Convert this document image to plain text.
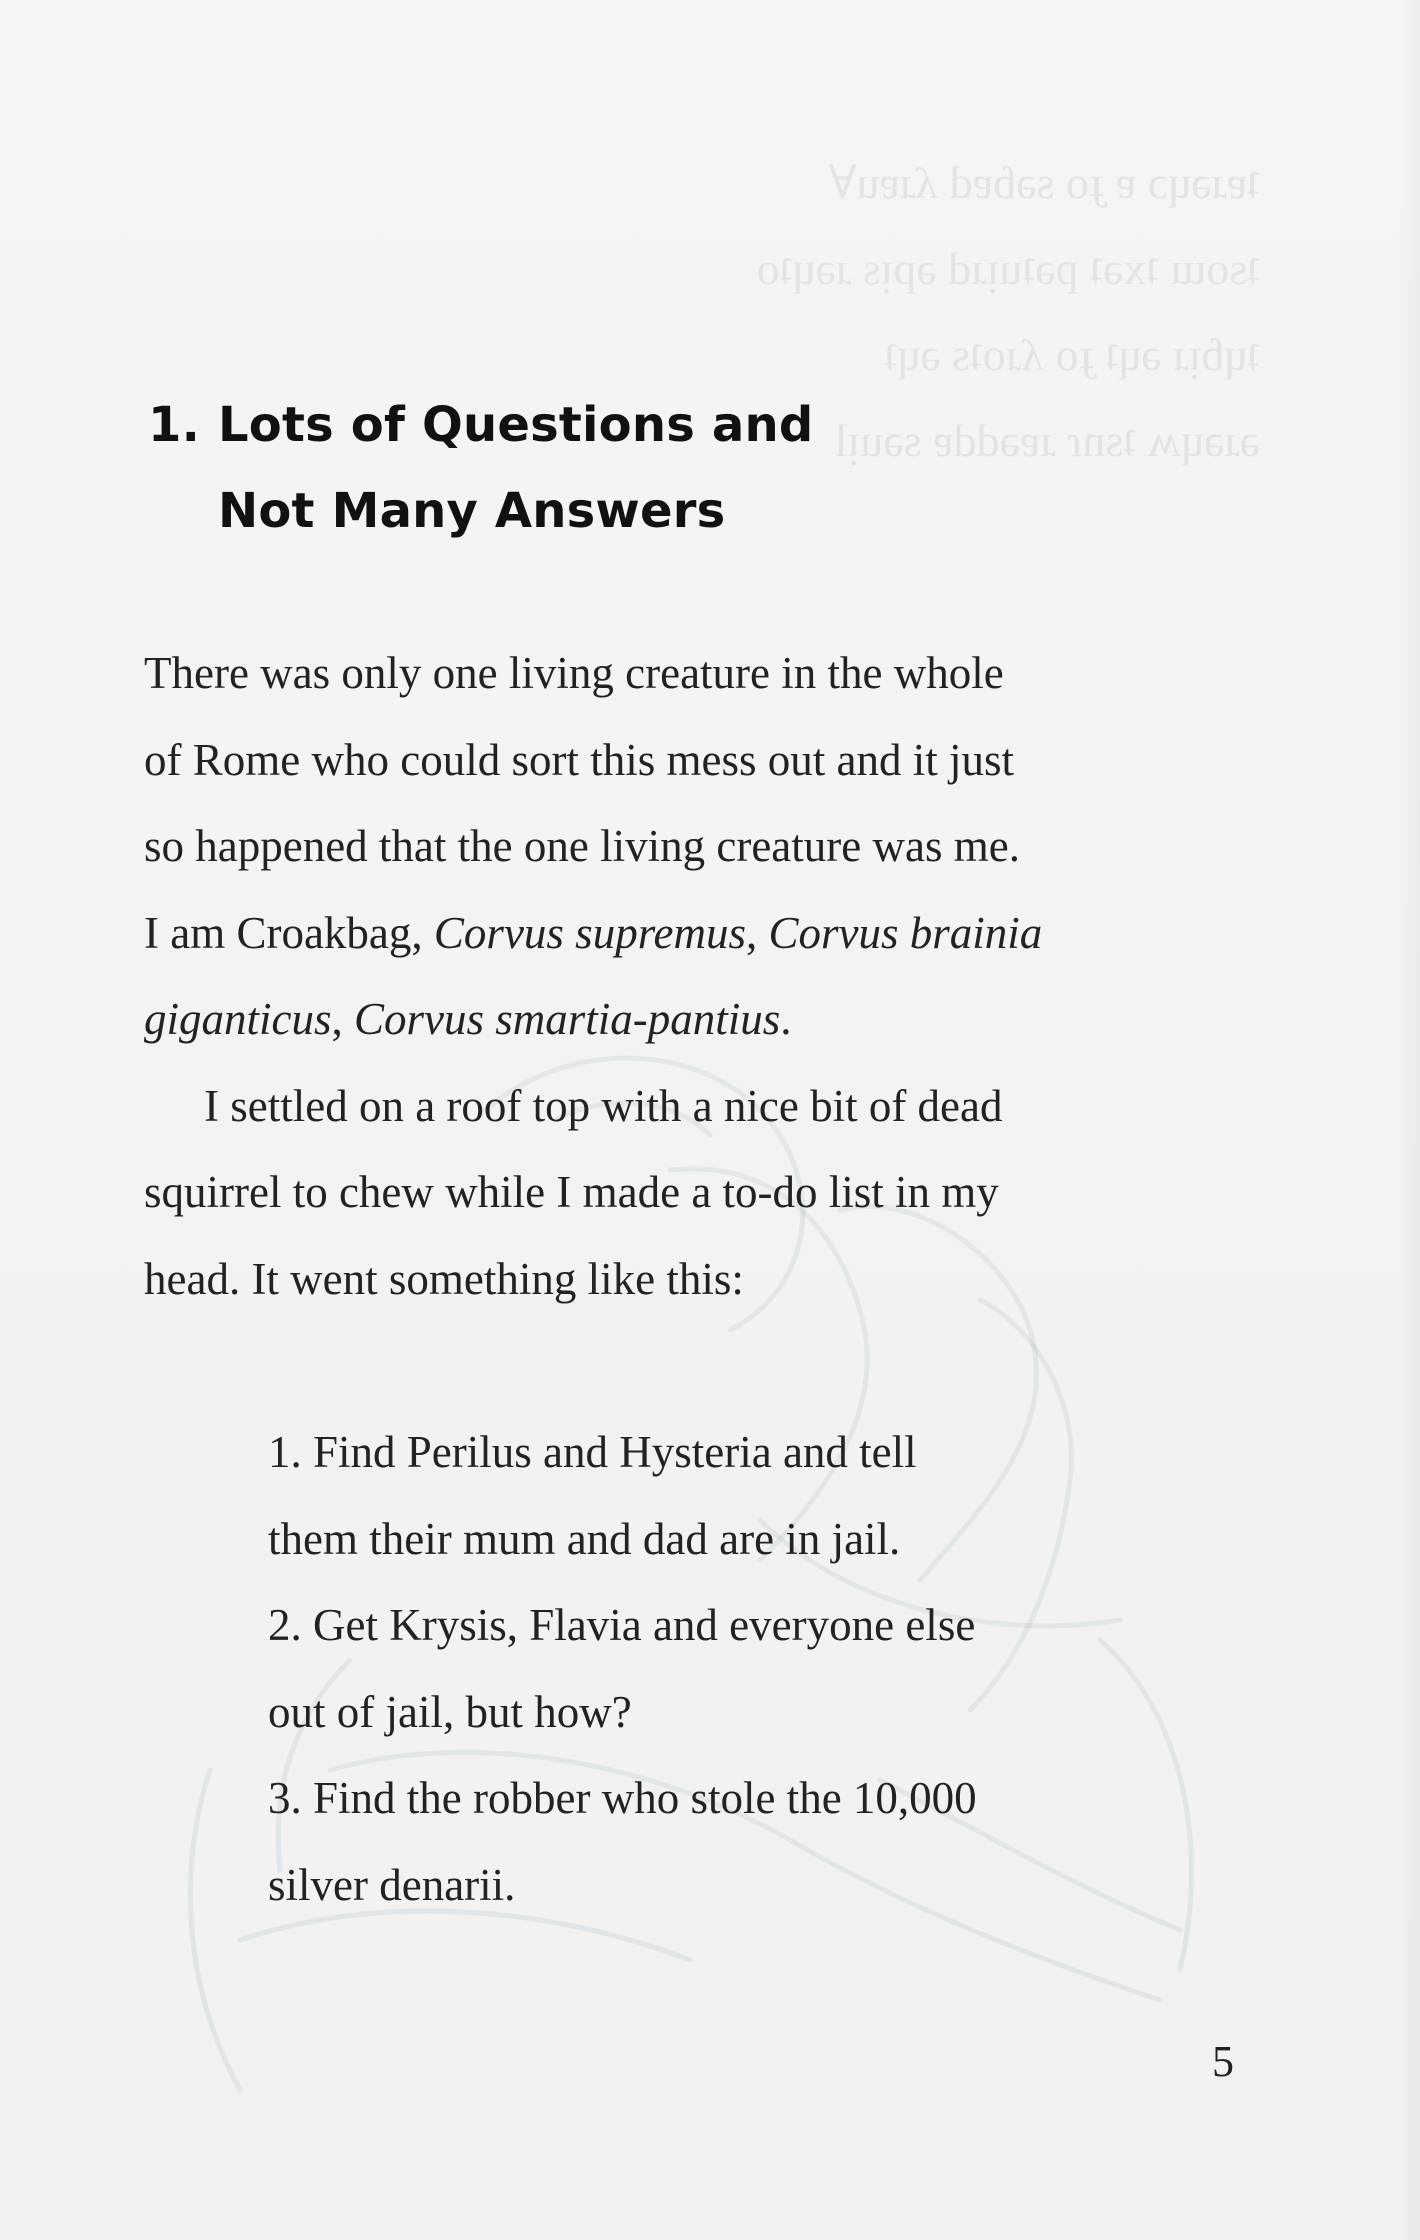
ʇɐɹǝɥɔ ɐ ɟo sǝɓɐd ʎɹɐu∀
ʇsoɯ ʇxǝʇ pǝʇuᴉɹd ǝpᴉs ɹǝɥʇo
ʇɥɓᴉɹ ǝɥʇ ɟo ʎɹoʇs ǝɥʇ
ǝɹǝɥʍ ʇsnɾ ɹɐǝddɐ sǝuᴉl
1. Lots of Questions and
Not Many Answers
There was only one living creature in the whole
of Rome who could sort this mess out and it just
so happened that the one living creature was me.
I am Croakbag, Corvus supremus, Corvus brainia
giganticus, Corvus smartia-pantius.
I settled on a roof top with a nice bit of dead
squirrel to chew while I made a to-do list in my
head. It went something like this:
1. Find Perilus and Hysteria and tell
them their mum and dad are in jail.
2. Get Krysis, Flavia and everyone else
out of jail, but how?
3. Find the robber who stole the 10,000
silver denarii.
5
